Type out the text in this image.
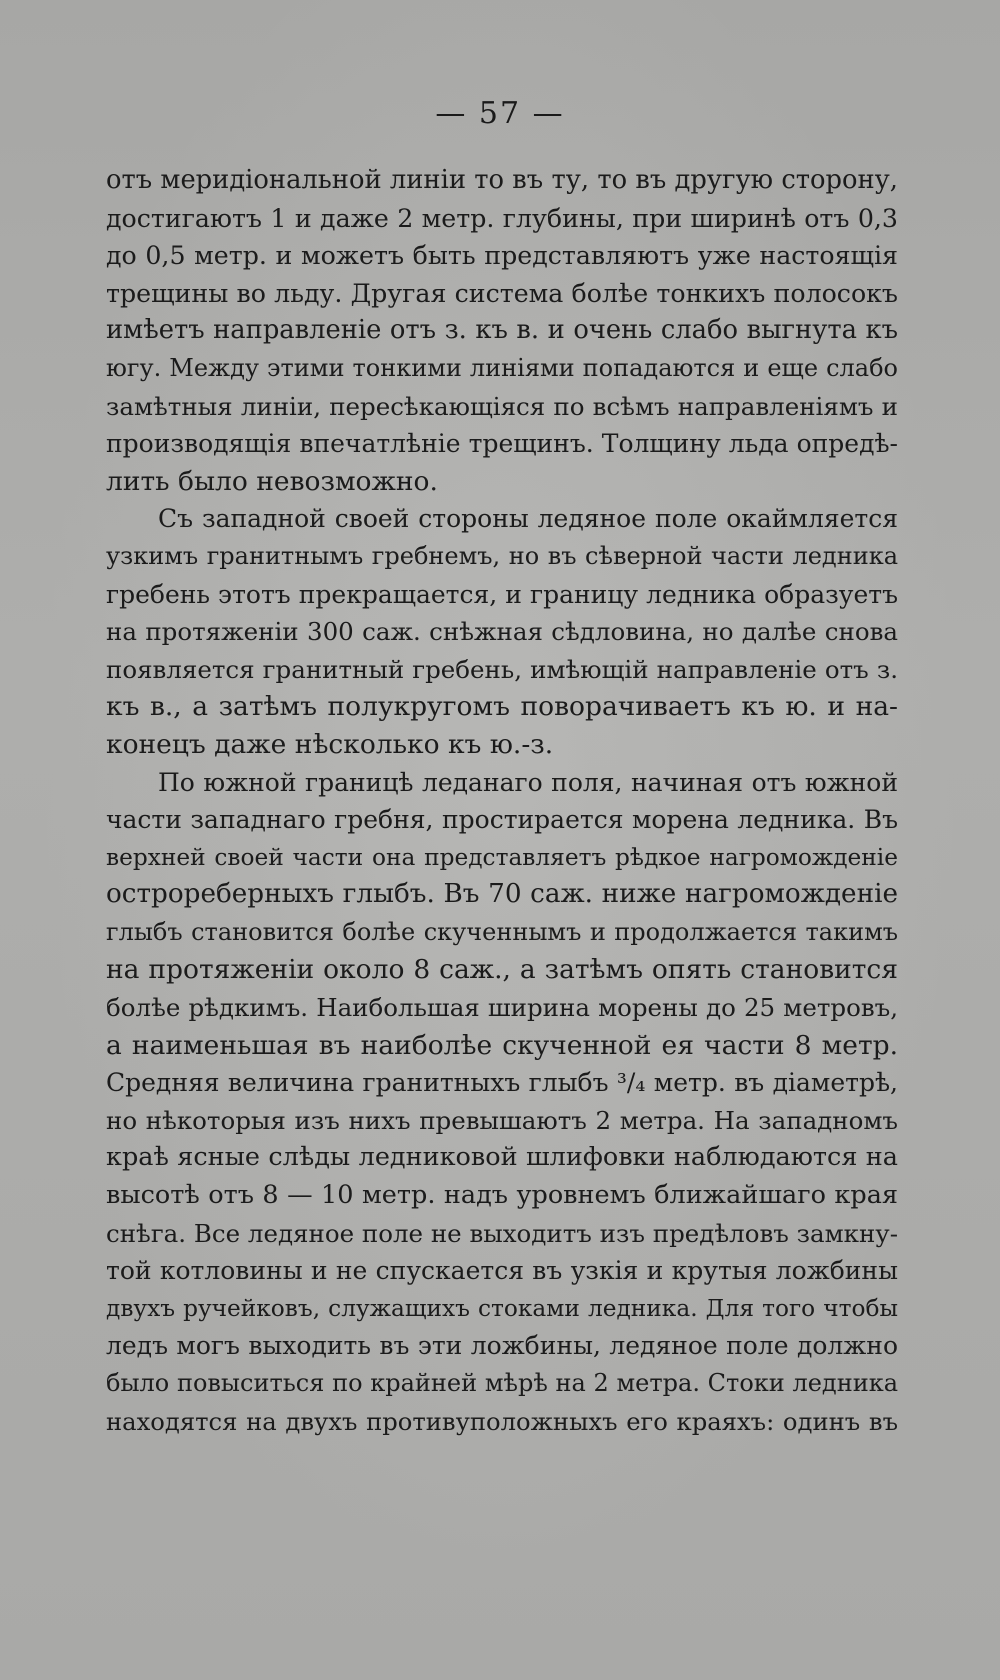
— 57 —
отъ меридіональной линіи то въ ту, то въ другую сторону,
достигаютъ 1 и даже 2 метр. глубины, при ширинѣ отъ 0,3
до 0,5 метр. и можетъ быть представляютъ уже настоящія
трещины во льду. Другая система болѣе тонкихъ полосокъ
имѣетъ направленіе отъ з. къ в. и очень слабо выгнута къ
югу. Между этими тонкими линіями попадаются и еще слабо
замѣтныя линіи, пересѣкающіяся по всѣмъ направленіямъ и
производящія впечатлѣніе трещинъ. Толщину льда опредѣ-
лить было невозможно.
Съ западной своей стороны ледяное поле окаймляется
узкимъ гранитнымъ гребнемъ, но въ сѣверной части ледника
гребень этотъ прекращается, и границу ледника образуетъ
на протяженіи 300 саж. снѣжная сѣдловина, но далѣе снова
появляется гранитный гребень, имѣющій направленіе отъ з.
къ в., а затѣмъ полукругомъ поворачиваетъ къ ю. и на-
конецъ даже нѣсколько къ ю.-з.
По южной границѣ леданаго поля, начиная отъ южной
части западнаго гребня, простирается морена ледника. Въ
верхней своей части она представляетъ рѣдкое нагроможденіе
острореберныхъ глыбъ. Въ 70 саж. ниже нагроможденіе
глыбъ становится болѣе скученнымъ и продолжается такимъ
на протяженіи около 8 саж., а затѣмъ опять становится
болѣе рѣдкимъ. Наибольшая ширина морены до 25 метровъ,
а наименьшая въ наиболѣе скученной ея части 8 метр.
Средняя величина гранитныхъ глыбъ ³/₄ метр. въ діаметрѣ,
но нѣкоторыя изъ нихъ превышаютъ 2 метра. На западномъ
краѣ ясные слѣды ледниковой шлифовки наблюдаются на
высотѣ отъ 8 — 10 метр. надъ уровнемъ ближайшаго края
снѣга. Все ледяное поле не выходитъ изъ предѣловъ замкну-
той котловины и не спускается въ узкія и крутыя ложбины
двухъ ручейковъ, служащихъ стоками ледника. Для того чтобы
ледъ могъ выходить въ эти ложбины, ледяное поле должно
было повыситься по крайней мѣрѣ на 2 метра. Стоки ледника
находятся на двухъ противуположныхъ его краяхъ: одинъ въ
